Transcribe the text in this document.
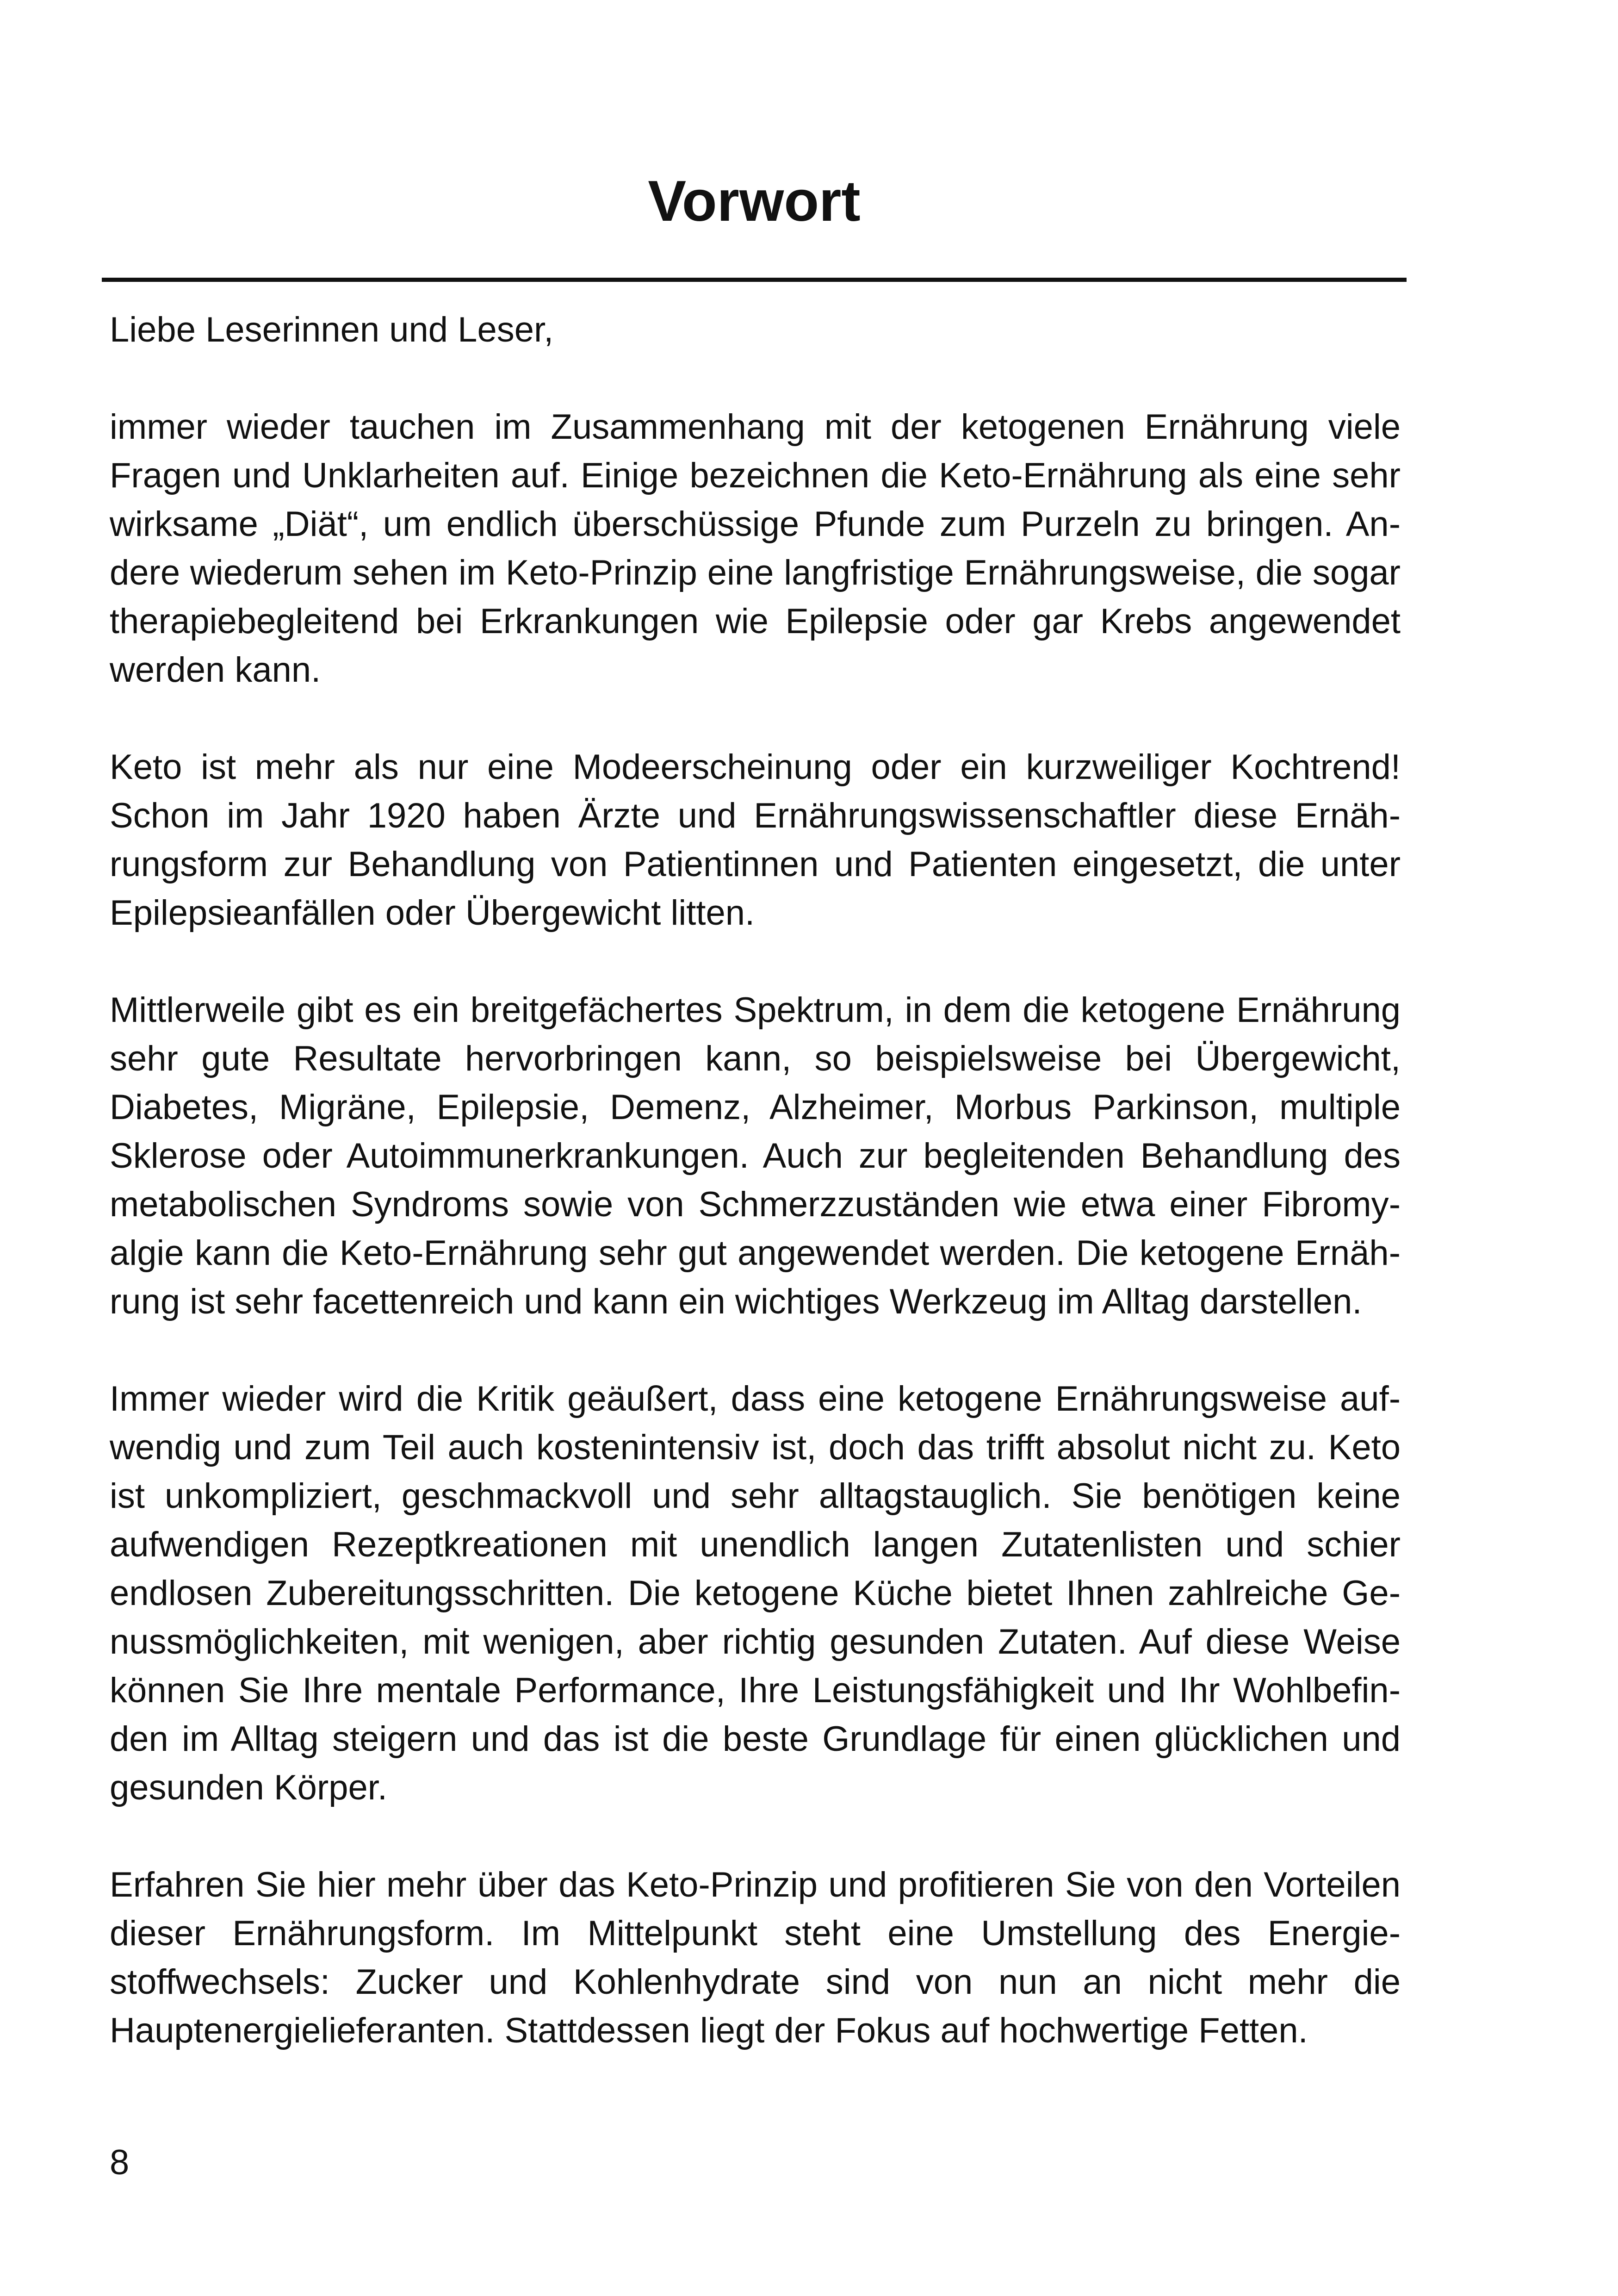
Vorwort

Liebe Leserinnen und Leser,

immer wieder tauchen im Zusammenhang mit der ketogenen Ernährung viele Fragen und Unklarheiten auf. Einige bezeichnen die Keto-Ernährung als eine sehr wirksame „Diät“, um endlich überschüssige Pfunde zum Purzeln zu bringen. Andere wiederum sehen im Keto-Prinzip eine langfristige Ernährungsweise, die sogar therapiebegleitend bei Erkrankungen wie Epilepsie oder gar Krebs angewendet werden kann.

Keto ist mehr als nur eine Modeerscheinung oder ein kurzweiliger Kochtrend! Schon im Jahr 1920 haben Ärzte und Ernährungswissenschaftler diese Ernährungsform zur Behandlung von Patientinnen und Patienten eingesetzt, die unter Epilepsieanfällen oder Übergewicht litten.

Mittlerweile gibt es ein breitgefächertes Spektrum, in dem die ketogene Ernährung sehr gute Resultate hervorbringen kann, so beispielsweise bei Übergewicht, Diabetes, Migräne, Epilepsie, Demenz, Alzheimer, Morbus Parkinson, multiple Sklerose oder Autoimmunerkrankungen. Auch zur begleitenden Behandlung des metabolischen Syndroms sowie von Schmerzzuständen wie etwa einer Fibromyalgie kann die Keto-Ernährung sehr gut angewendet werden. Die ketogene Ernährung ist sehr facettenreich und kann ein wichtiges Werkzeug im Alltag darstellen.

Immer wieder wird die Kritik geäußert, dass eine ketogene Ernährungsweise aufwendig und zum Teil auch kostenintensiv ist, doch das trifft absolut nicht zu. Keto ist unkompliziert, geschmackvoll und sehr alltagstauglich. Sie benötigen keine aufwendigen Rezeptkreationen mit unendlich langen Zutatenlisten und schier endlosen Zubereitungsschritten. Die ketogene Küche bietet Ihnen zahlreiche Genussmöglichkeiten, mit wenigen, aber richtig gesunden Zutaten. Auf diese Weise können Sie Ihre mentale Performance, Ihre Leistungsfähigkeit und Ihr Wohlbefinden im Alltag steigern und das ist die beste Grundlage für einen glücklichen und gesunden Körper.

Erfahren Sie hier mehr über das Keto-Prinzip und profitieren Sie von den Vorteilen dieser Ernährungsform. Im Mittelpunkt steht eine Umstellung des Energiestoffwechsels: Zucker und Kohlenhydrate sind von nun an nicht mehr die Hauptenergielieferanten. Stattdessen liegt der Fokus auf hochwertige Fetten.

8
